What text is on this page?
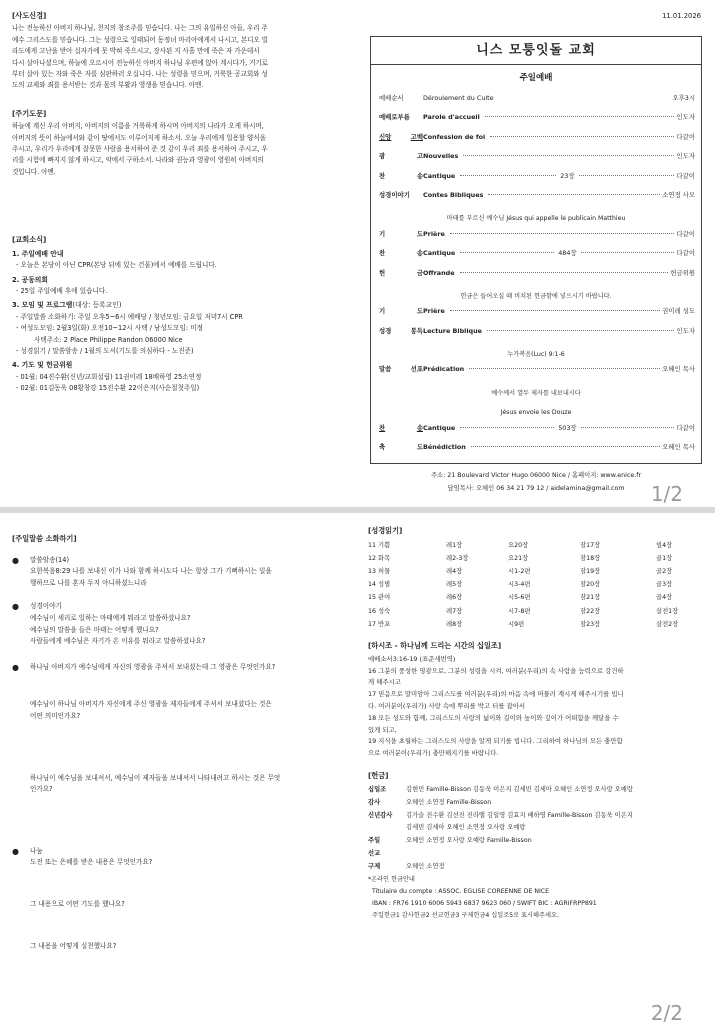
[사도신경]
나는 전능하신 아버지 하나님, 천지의 창조주를 믿습니다. 나는 그의 유일하신 아들, 우리 주
예수 그리스도를 믿습니다. 그는 성령으로 잉태되어 동정녀 마리아에게서 나시고, 본디오 빌
라도에게 고난을 받아 십자가에 못 박혀 죽으시고, 장사된 지 사흘 만에 죽은 자 가운데서
다시 살아나셨으며, 하늘에 오르시어 전능하신 아버지 하나님 우편에 앉아 계시다가, 거기로
부터 살아 있는 자와 죽은 자를 심판하러 오십니다. 나는 성령을 믿으며, 거룩한 공교회와 성
도의 교제와 죄를 용서받는 것과 몸의 부활과 영생을 믿습니다. 아멘.
[주기도문]
하늘에 계신 우리 아버지, 아버지의 이름을 거룩하게 하시며 아버지의 나라가 오게 하시며,
아버지의 뜻이 하늘에서와 같이 땅에서도 이루어지게 하소서. 오늘 우리에게 일용할 양식을
주시고, 우리가 우리에게 잘못한 사람을 용서하여 준 것 같이 우리 죄를 용서하여 주시고, 우
리를 시험에 빠지지 않게 하시고, 악에서 구하소서. 나라와 권능과 영광이 영원히 아버지의
것입니다. 아멘.
[교회소식]
1. 주일예배 안내
- 오늘은 본당이 아닌 CPR(본당 뒤에 있는 건물)에서 예배를 드립니다.
2. 공동의회
- 25일 주일예배 후에 있습니다.
3. 모임 및 프로그램(대상: 등록교인)
- 주일말씀 소화하기: 주일 오후5~6시 예배당 / 청년모임: 금요일 저녁7시 CPR
- 여성도모임: 2월3일(화) 오전10~12시 사택 / 남성도모임: 미정
사택주소: 2 Place Philippe Randon 06000 Nice
- 성경읽기 / 말씀암송 / 1월의 도서(기도를 의심하다 - 노진준)
4. 기도 및 헌금위원
- 01월: 04진수환(신년/교회설립) 11권이레 18배하영 25소연정
- 02월: 01김동욱 08황창강 15진수환 22이은지(사순절첫주일)
11.01.2026
니스 모퉁잇돌 교회
주일예배
예배순서	Déroulement du Culte	오후3시
예배로부름 Parole d'accueil	인도자
신앙	고백 Confession de foi	다같이
광	고 Nouvelles	인도자
찬	송 Cantique	23장	다같이
성경이야기 Contes Bibliques	소연정 사모
마태를 부르신 예수님 Jésus qui appelle le publicain Matthieu
기	도 Prière	다같이
찬	송 Cantique	484장	다같이
헌	금 Offrande	헌금위원
헌금은 들어오실 때 비치된 헌금함에 넣으시기 바랍니다.
기	도 Prière	권이레 성도
성경	봉독 Lecture Biblique	인도자
누가복음(Luc) 9:1-6
말씀	선포 Prédication	오혜인 목사
예수께서 열두 제자를 내보내시다
Jésus envoie les Douze
찬	송 Cantique	503장	다같이
축	도 Bénédiction	오혜인 목사
주소: 21 Boulevard Victor Hugo 06000 Nice / 홈페이지: www.enice.fr
담임목사: 오혜인 06 34 21 79 12 / aidelamina@gmail.com	1/2
[주일말씀 소화하기]
● 말씀암송(14)
요한복음8:29 나를 보내신 이가 나와 함께 하시도다 나는 항상 그가 기뻐하시는 일을
행하므로 나를 혼자 두지 아니하셨느니라
● 성경이야기
예수님이 세리로 일하는 마태에게 뭐라고 말씀하셨나요?
예수님의 말씀을 들은 마태는 어떻게 했나요?
사람들에게 예수님은 자기가 온 이유를 뭐라고 말씀하셨나요?
● 하나님 아버지가 예수님에게 자신의 영광을 주셔서 보내셨는데 그 영광은 무엇인가요?
예수님이 하나님 아버지가 자신에게 주신 영광을 제자들에게 주셔서 보내셨다는 것은
어떤 의미인가요?
하나님이 예수님을 보내셔서, 예수님이 제자들을 보내셔서 나타내려고 하시는 것은 무엇
인가요?
● 나눔
도전 또는 은혜를 받은 내용은 무엇인가요?
그 내용으로 어떤 기도를 했나요?
그 내용을 어떻게 실천했나요?
[성경읽기]
11 기쁨	레1장	요20장	잠17장	빌4장
12 화목	레2-3장	요21장	잠18장	골1장
13 허물	레4장	시1-2편	잠19장	골2장
14 성별	레5장	시3-4편	잠20장	골3장
15 관여	레6장	시5-6편	잠21장	골4장
16 성숙	레7장	시7-8편	잠22장	살전1장
17 반포	레8장	시9편	잠23장	살전2장
[하시조 - 하나님께 드리는 시간의 십일조]
에베소서3:16-19 (표준새번역)
16 그분의 풍성한 영광으로, 그분의 성령을 시켜, 여러분(우리)의 속 사람을 능력으로 강건하
게 해주시고
17 믿음으로 말미암아 그리스도를 여러분(우리)의 마음 속에 머물러 계시게 해주시기를 빕니
다. 여러분이(우리가) 사랑 속에 뿌리를 박고 터를 잡아서
18 모든 성도와 함께, 그리스도의 사랑의 넓이와 길이와 높이와 깊이가 어떠함을 깨달을 수
있게 되고,
19 지식을 초월하는 그리스도의 사랑을 알게 되기를 빕니다. 그리하여 하나님의 모든 충만함
으로 여러분이(우리가) 충만해지기를 바랍니다.
[헌금]
십일조	김현민 Famille-Bisson 김동욱 이은지 김세빈 김세아 오혜인 소연정 오사랑 오예랑
감사	오혜인 소연정 Famille-Bisson
신년감사	김가슬 진수환 김선진 진라엘 김일영 김효지 배하영 Famille-Bisson 김동욱 이은지
김세빈 김세아 오혜인 소연정 오사랑 오예랑
주일	오혜인 소연정 오사랑 오예랑 Famille-Bisson
선교
구제	오혜인 소연정
*온라인 헌금안내
Titulaire du compte : ASSOC. EGLISE COREENNE DE NICE
IBAN : FR76 1910 6006 5943 6837 9623 060 / SWIFT BIC : AGRIFRPP891
주일헌금1 감사헌금2 선교헌금3 구제헌금4 십일조5로 표시해주세요.
2/2
